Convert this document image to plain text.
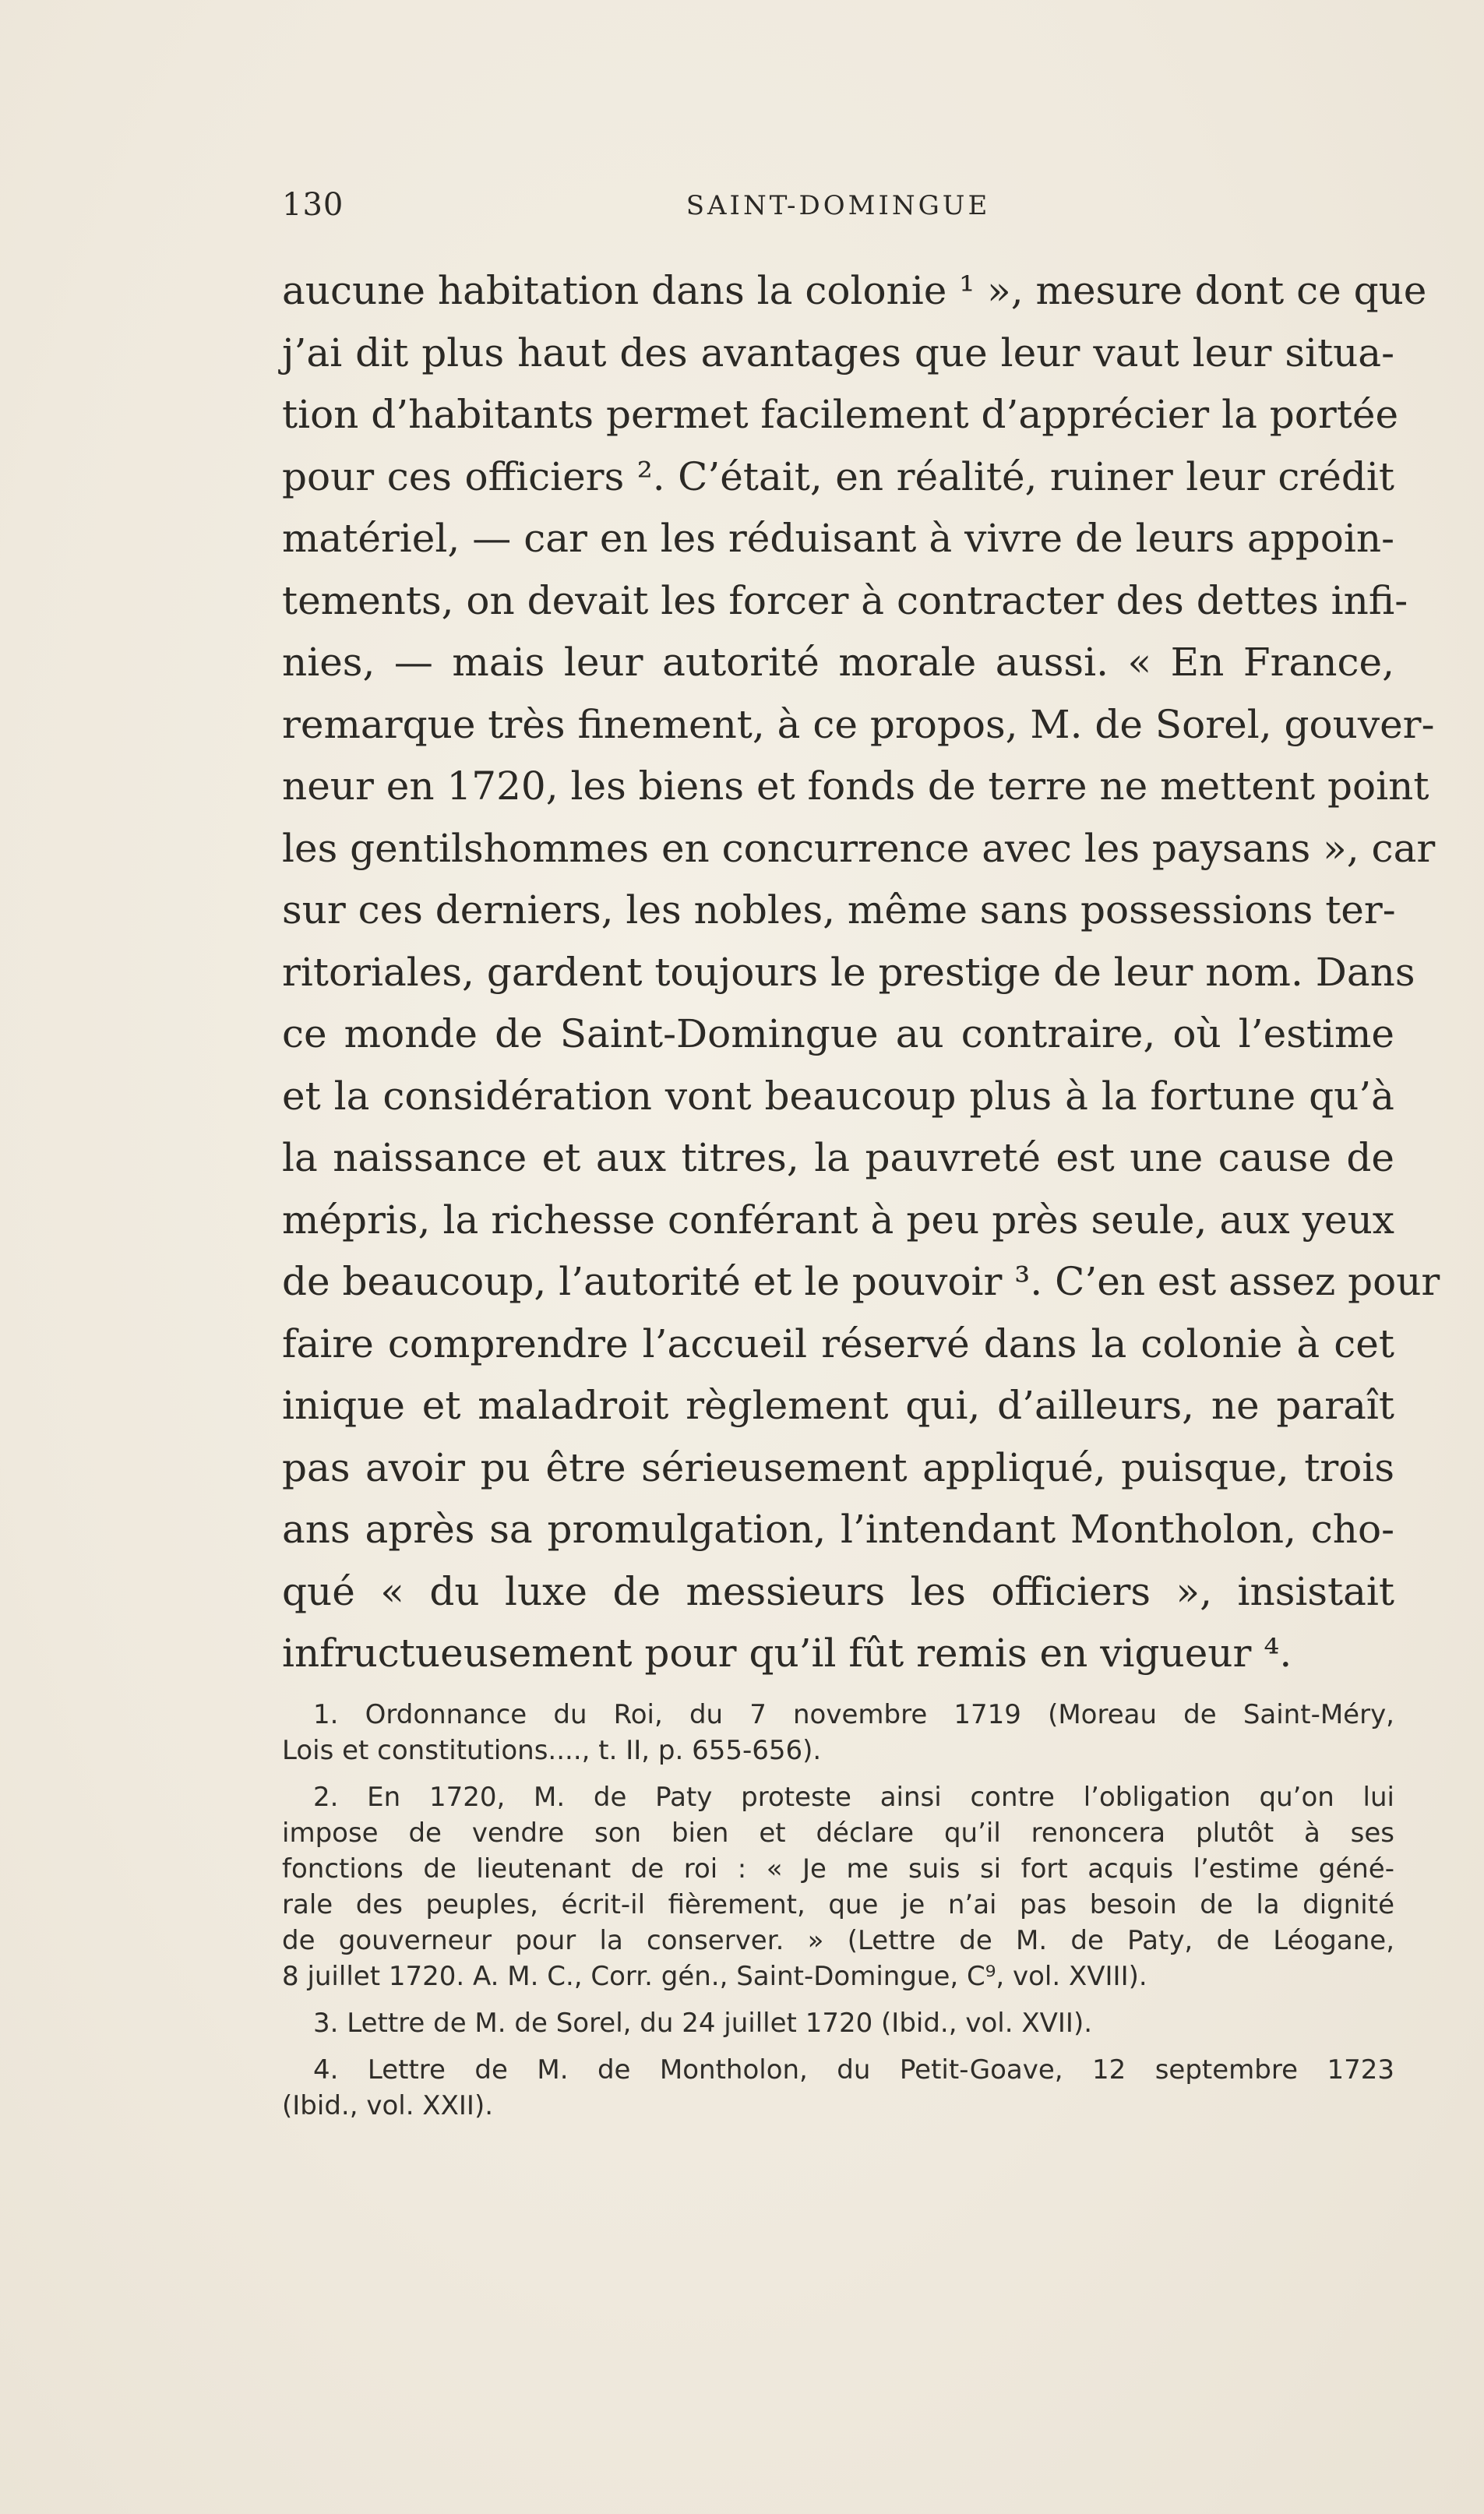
130	SAINT-DOMINGUE
aucune habitation dans la colonie ¹ », mesure dont ce que
j’ai dit plus haut des avantages que leur vaut leur situa-
tion d’habitants permet facilement d’apprécier la portée
pour ces officiers ². C’était, en réalité, ruiner leur crédit
matériel, — car en les réduisant à vivre de leurs appoin-
tements, on devait les forcer à contracter des dettes infi-
nies, — mais leur autorité morale aussi. « En France,
remarque très finement, à ce propos, M. de Sorel, gouver-
neur en 1720, les biens et fonds de terre ne mettent point
les gentilshommes en concurrence avec les paysans », car
sur ces derniers, les nobles, même sans possessions ter-
ritoriales, gardent toujours le prestige de leur nom. Dans
ce monde de Saint-Domingue au contraire, où l’estime
et la considération vont beaucoup plus à la fortune qu’à
la naissance et aux titres, la pauvreté est une cause de
mépris, la richesse conférant à peu près seule, aux yeux
de beaucoup, l’autorité et le pouvoir ³. C’en est assez pour
faire comprendre l’accueil réservé dans la colonie à cet
inique et maladroit règlement qui, d’ailleurs, ne paraît
pas avoir pu être sérieusement appliqué, puisque, trois
ans après sa promulgation, l’intendant Montholon, cho-
qué « du luxe de messieurs les officiers », insistait
infructueusement pour qu’il fût remis en vigueur ⁴.
1. Ordonnance du Roi, du 7 novembre 1719 (Moreau de Saint-Méry,
Lois et constitutions...., t. II, p. 655-656).
2. En 1720, M. de Paty proteste ainsi contre l’obligation qu’on lui
impose de vendre son bien et déclare qu’il renoncera plutôt à ses
fonctions de lieutenant de roi : « Je me suis si fort acquis l’estime géné-
rale des peuples, écrit-il fièrement, que je n’ai pas besoin de la dignité
de gouverneur pour la conserver. » (Lettre de M. de Paty, de Léogane,
8 juillet 1720. A. M. C., Corr. gén., Saint-Domingue, C⁹, vol. XVIII).
3. Lettre de M. de Sorel, du 24 juillet 1720 (Ibid., vol. XVII).
4. Lettre de M. de Montholon, du Petit-Goave, 12 septembre 1723
(Ibid., vol. XXII).
